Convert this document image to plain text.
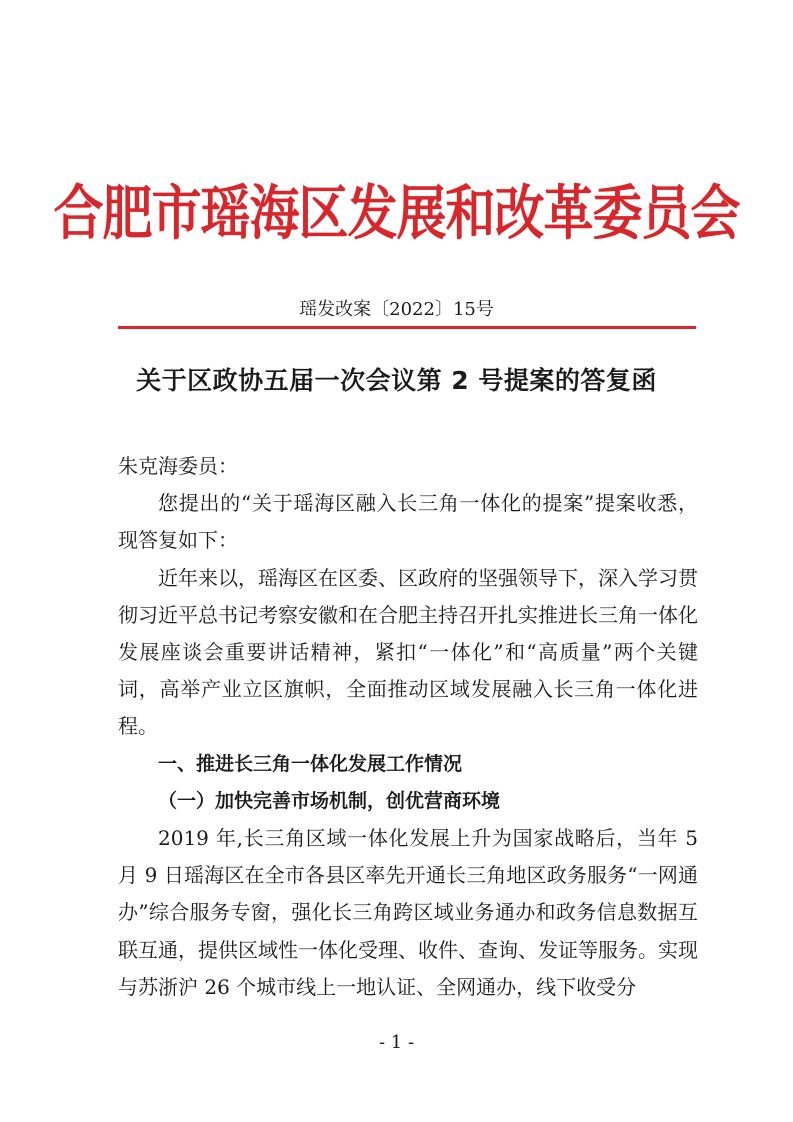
合肥市瑶海区发展和改革委员会
瑶发改案〔2022〕15号
关于区政协五届一次会议第 2 号提案的答复函

朱克海委员：

您提出的“关于瑶海区融入长三角一体化的提案”提案收悉，现答复如下：

近年来以，瑶海区在区委、区政府的坚强领导下，深入学习贯彻习近平总书记考察安徽和在合肥主持召开扎实推进长三角一体化发展座谈会重要讲话精神，紧扣“一体化”和“高质量”两个关键词，高举产业立区旗帜，全面推动区域发展融入长三角一体化进程。

一、推进长三角一体化发展工作情况

（一）加快完善市场机制，创优营商环境

2019 年,长三角区域一体化发展上升为国家战略后，当年 5 月 9 日瑶海区在全市各县区率先开通长三角地区政务服务“一网通办”综合服务专窗，强化长三角跨区域业务通办和政务信息数据互联互通，提供区域性一体化受理、收件、查询、发证等服务。实现与苏浙沪 26 个城市线上一地认证、全网通办，线下收受分

- 1 -
